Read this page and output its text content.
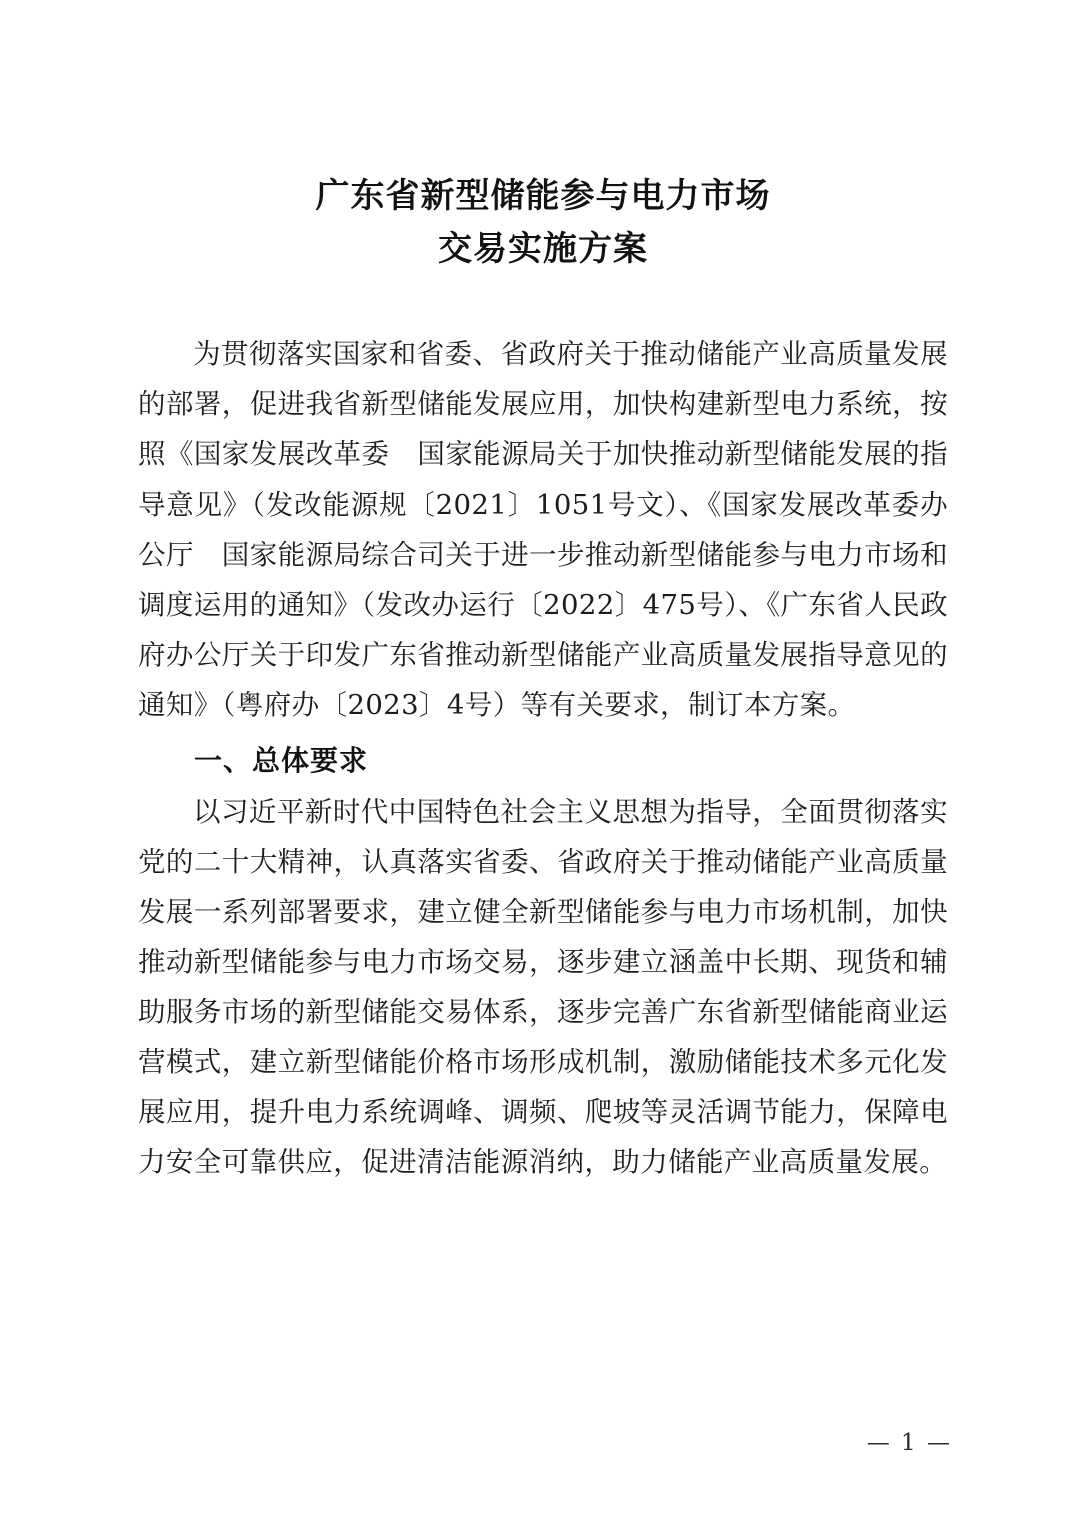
广东省新型储能参与电力市场
交易实施方案

为贯彻落实国家和省委、省政府关于推动储能产业高质量发展的部署，促进我省新型储能发展应用，加快构建新型电力系统，按照《国家发展改革委　国家能源局关于加快推动新型储能发展的指导意见》（发改能源规〔2021〕1051号文）、《国家发展改革委办公厅　国家能源局综合司关于进一步推动新型储能参与电力市场和调度运用的通知》（发改办运行〔2022〕475号）、《广东省人民政府办公厅关于印发广东省推动新型储能产业高质量发展指导意见的通知》（粤府办〔2023〕4号）等有关要求，制订本方案。

一、总体要求

以习近平新时代中国特色社会主义思想为指导，全面贯彻落实党的二十大精神，认真落实省委、省政府关于推动储能产业高质量发展一系列部署要求，建立健全新型储能参与电力市场机制，加快推动新型储能参与电力市场交易，逐步建立涵盖中长期、现货和辅助服务市场的新型储能交易体系，逐步完善广东省新型储能商业运营模式，建立新型储能价格市场形成机制，激励储能技术多元化发展应用，提升电力系统调峰、调频、爬坡等灵活调节能力，保障电力安全可靠供应，促进清洁能源消纳，助力储能产业高质量发展。

— 1 —
